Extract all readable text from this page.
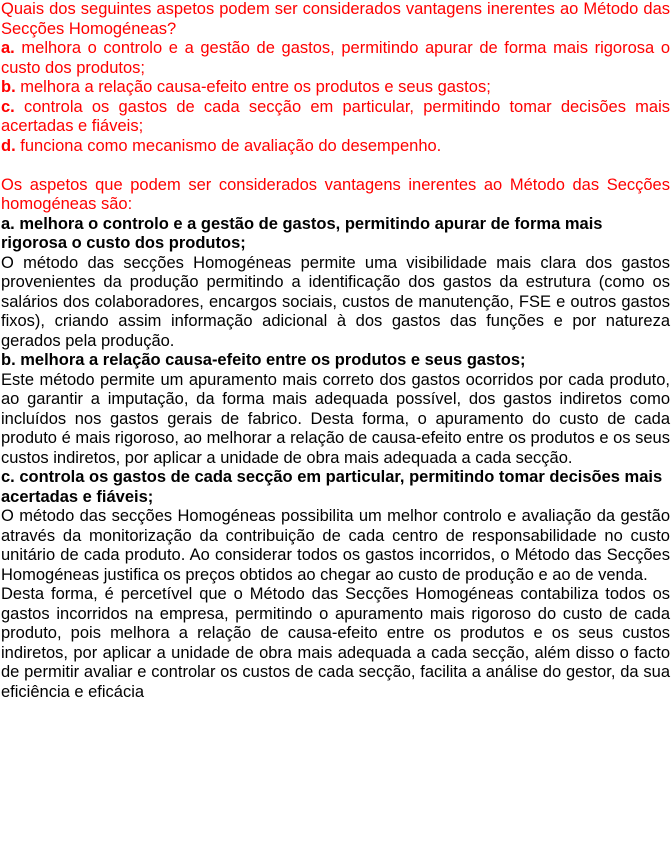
Quais dos seguintes aspetos podem ser considerados vantagens inerentes ao Método das Secções Homogéneas?

a. melhora o controlo e a gestão de gastos, permitindo apurar de forma mais rigorosa o custo dos produtos;

b. melhora a relação causa-efeito entre os produtos e seus gastos;

c. controla os gastos de cada secção em particular, permitindo tomar decisões mais acertadas e fiáveis;

d. funciona como mecanismo de avaliação do desempenho.

Os aspetos que podem ser considerados vantagens inerentes ao Método das Secções homogéneas são:

a. melhora o controlo e a gestão de gastos, permitindo apurar de forma mais rigorosa o custo dos produtos;

O método das secções Homogéneas permite uma visibilidade mais clara dos gastos provenientes da produção permitindo a identificação dos gastos da estrutura (como os salários dos colaboradores, encargos sociais, custos de manutenção, FSE e outros gastos fixos), criando assim informação adicional à dos gastos das funções e por natureza gerados pela produção.

b. melhora a relação causa-efeito entre os produtos e seus gastos;

Este método permite um apuramento mais correto dos gastos ocorridos por cada produto, ao garantir a imputação, da forma mais adequada possível, dos gastos indiretos como incluídos nos gastos gerais de fabrico. Desta forma, o apuramento do custo de cada produto é mais rigoroso, ao melhorar a relação de causa-efeito entre os produtos e os seus custos indiretos, por aplicar a unidade de obra mais adequada a cada secção.

c. controla os gastos de cada secção em particular, permitindo tomar decisões mais acertadas e fiáveis;

O método das secções Homogéneas possibilita um melhor controlo e avaliação da gestão através da monitorização da contribuição de cada centro de responsabilidade no custo unitário de cada produto. Ao considerar todos os gastos incorridos, o Método das Secções Homogéneas justifica os preços obtidos ao chegar ao custo de produção e ao de venda.

Desta forma, é percetível que o Método das Secções Homogéneas contabiliza todos os gastos incorridos na empresa, permitindo o apuramento mais rigoroso do custo de cada produto, pois melhora a relação de causa-efeito entre os produtos e os seus custos indiretos, por aplicar a unidade de obra mais adequada a cada secção, além disso o facto de permitir avaliar e controlar os custos de cada secção, facilita a análise do gestor, da sua eficiência e eficácia
